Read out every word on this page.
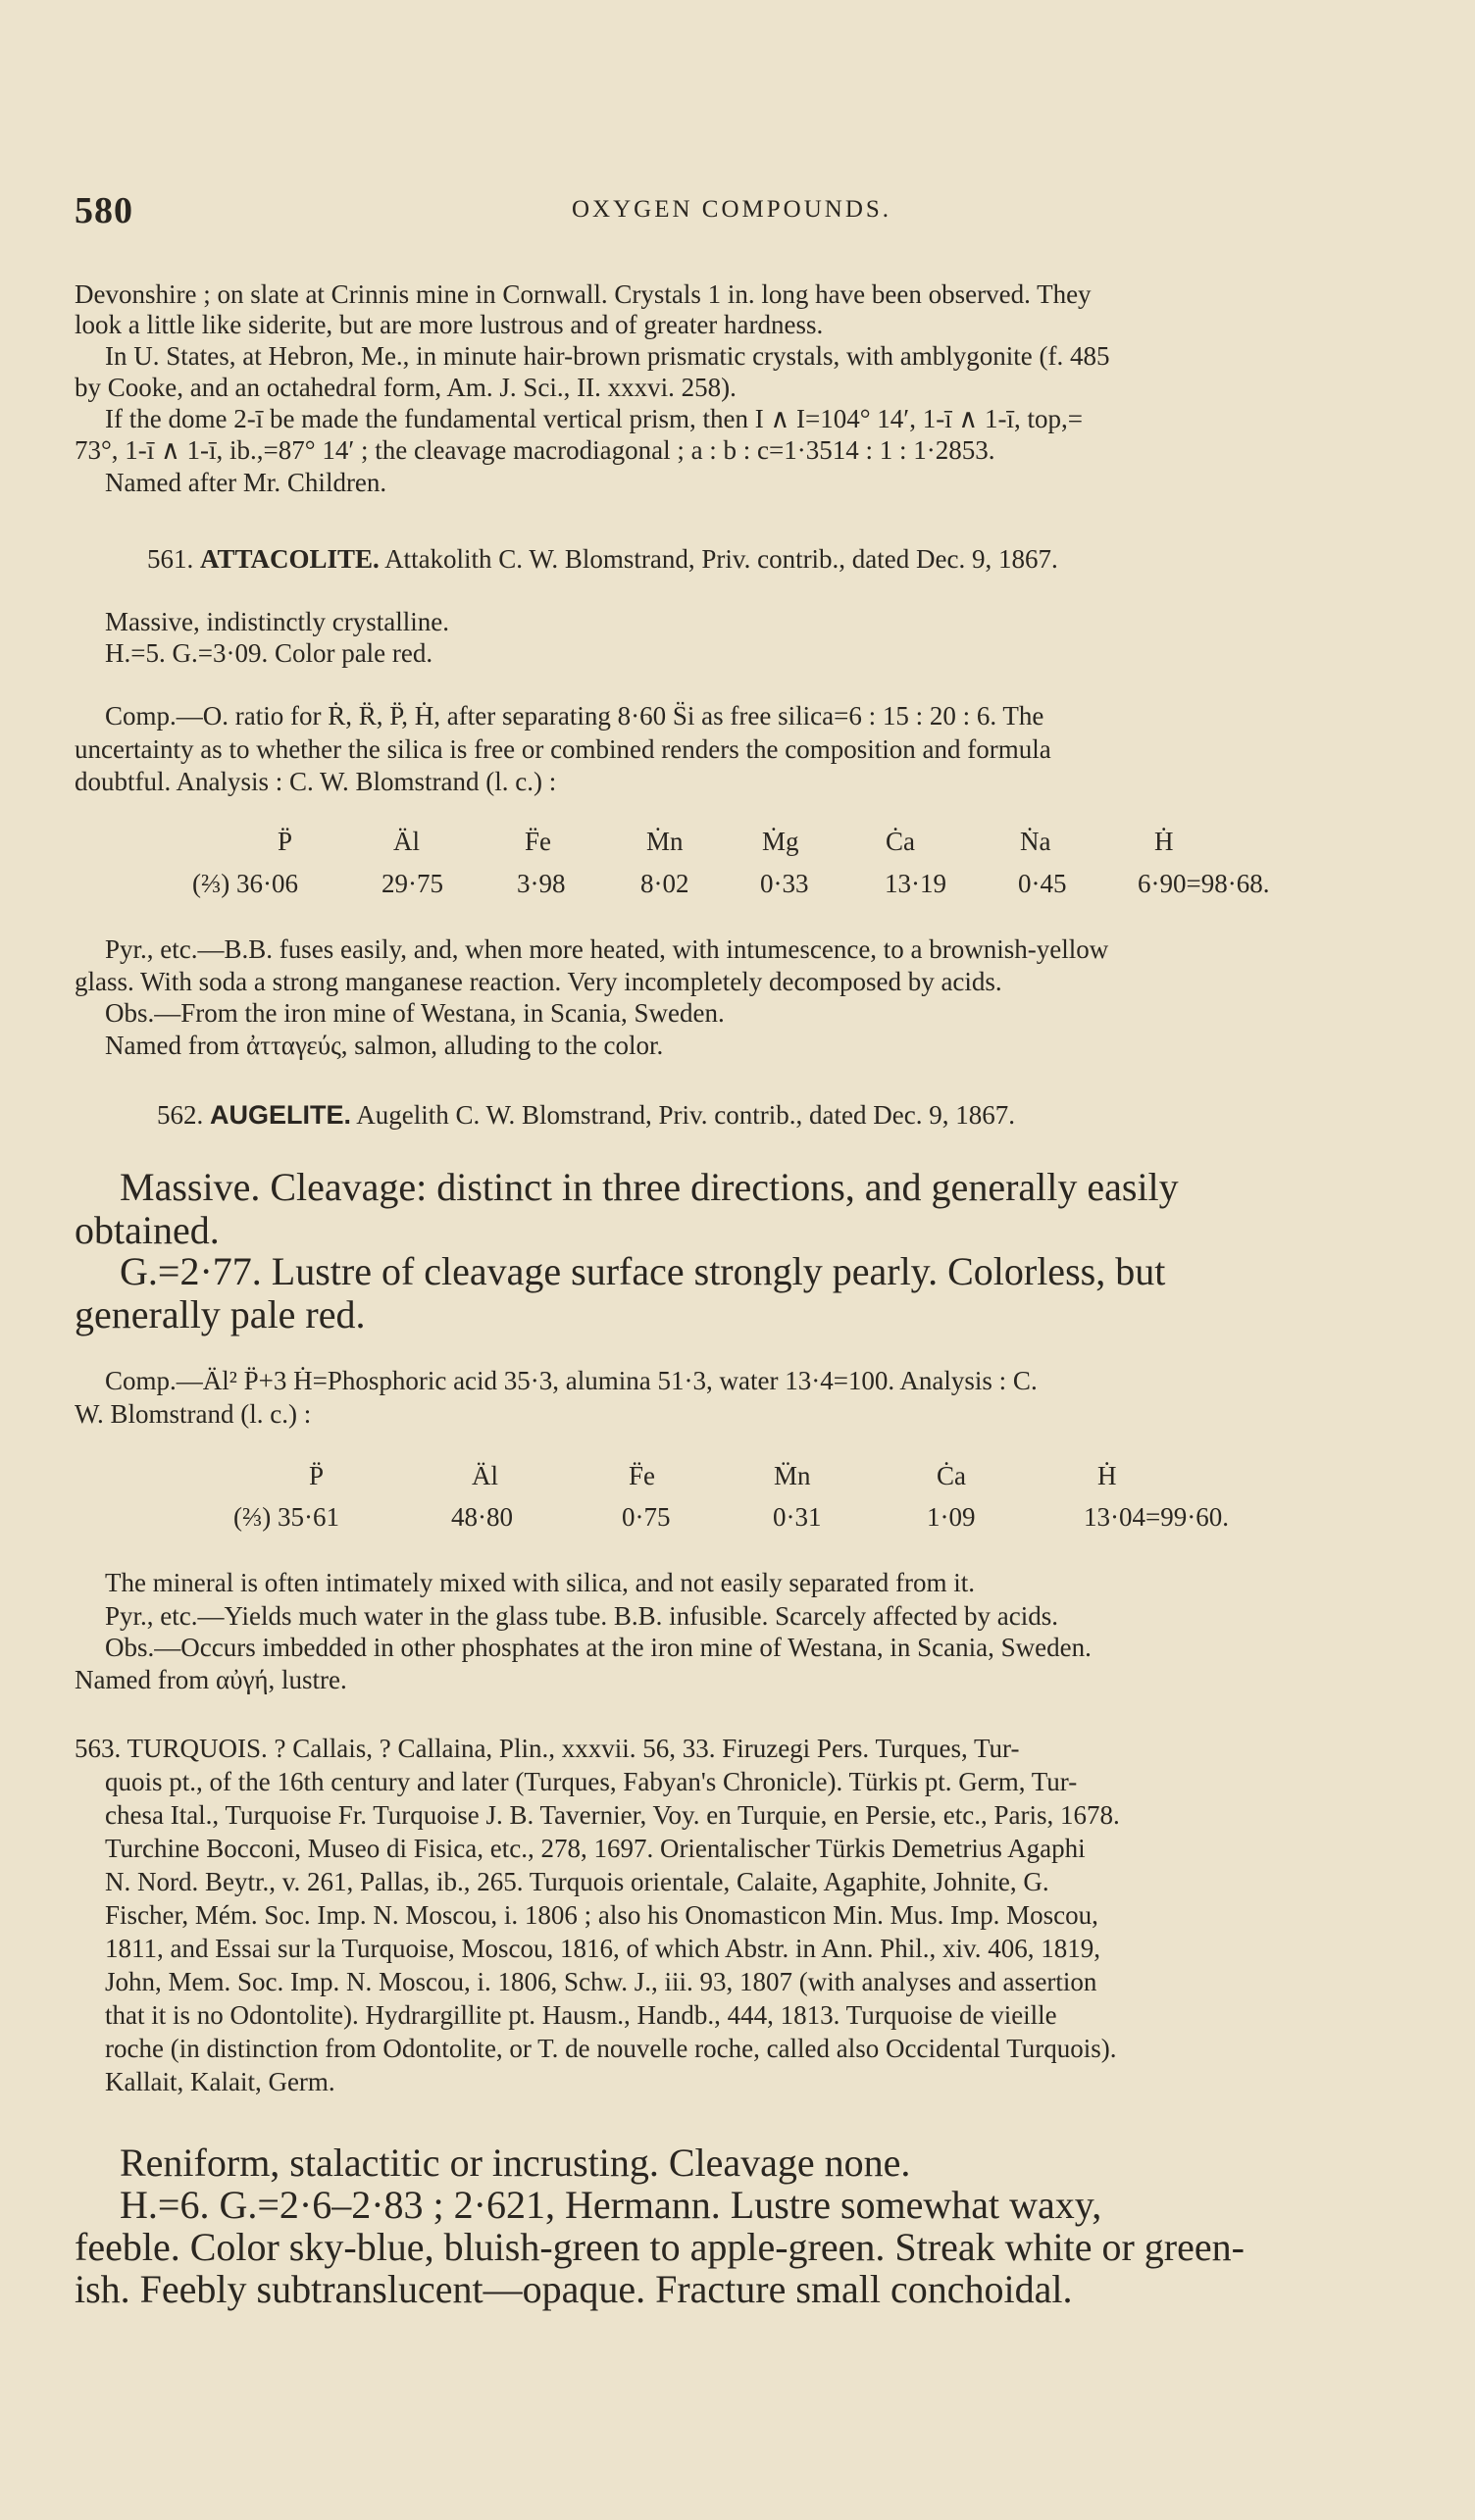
580	OXYGEN COMPOUNDS.
Devonshire ; on slate at Crinnis mine in Cornwall. Crystals 1 in. long have been observed. They
look a little like siderite, but are more lustrous and of greater hardness.
In U. States, at Hebron, Me., in minute hair-brown prismatic crystals, with amblygonite (f. 485
by Cooke, and an octahedral form, Am. J. Sci., II. xxxvi. 258).
If the dome 2-ī be made the fundamental vertical prism, then I ∧ I=104° 14′, 1-ī ∧ 1-ī, top,=
73°, 1-ī ∧ 1-ī, ib.,=87° 14′ ; the cleavage macrodiagonal ; a : b : c=1·3514 : 1 : 1·2853.
Named after Mr. Children.
561. ATTACOLITE. Attakolith C. W. Blomstrand, Priv. contrib., dated Dec. 9, 1867.
Massive, indistinctly crystalline.
H.=5. G.=3·09. Color pale red.
Comp.—O. ratio for Ṙ, R̈, P̈, Ḣ, after separating 8·60 S̈i as free silica=6 : 15 : 20 : 6. The
uncertainty as to whether the silica is free or combined renders the composition and formula
doubtful. Analysis : C. W. Blomstrand (l. c.) :
P̈	Äl	F̈e	Ṁn	Ṁg	Ċa	Ṅa	Ḣ
(⅔) 36·06	29·75	3·98	8·02	0·33	13·19	0·45	6·90=98·68.
Pyr., etc.—B.B. fuses easily, and, when more heated, with intumescence, to a brownish-yellow
glass. With soda a strong manganese reaction. Very incompletely decomposed by acids.
Obs.—From the iron mine of Westana, in Scania, Sweden.
Named from ἀτταγεύς, salmon, alluding to the color.
562. AUGELITE. Augelith C. W. Blomstrand, Priv. contrib., dated Dec. 9, 1867.
Massive. Cleavage: distinct in three directions, and generally easily
obtained.
G.=2·77. Lustre of cleavage surface strongly pearly. Colorless, but
generally pale red.
Comp.—Äl² P̈+3 Ḣ=Phosphoric acid 35·3, alumina 51·3, water 13·4=100. Analysis : C.
W. Blomstrand (l. c.) :
P̈	Äl	F̈e	M̈n	Ċa	Ḣ
(⅔) 35·61	48·80	0·75	0·31	1·09	13·04=99·60.
The mineral is often intimately mixed with silica, and not easily separated from it.
Pyr., etc.—Yields much water in the glass tube. B.B. infusible. Scarcely affected by acids.
Obs.—Occurs imbedded in other phosphates at the iron mine of Westana, in Scania, Sweden.
Named from αὐγή, lustre.
563. TURQUOIS. ? Callais, ? Callaina, Plin., xxxvii. 56, 33. Firuzegi Pers. Turques, Tur-
quois pt., of the 16th century and later (Turques, Fabyan's Chronicle). Türkis pt. Germ, Tur-
chesa Ital., Turquoise Fr. Turquoise J. B. Tavernier, Voy. en Turquie, en Persie, etc., Paris, 1678.
Turchine Bocconi, Museo di Fisica, etc., 278, 1697. Orientalischer Türkis Demetrius Agaphi
N. Nord. Beytr., v. 261, Pallas, ib., 265. Turquois orientale, Calaite, Agaphite, Johnite, G.
Fischer, Mém. Soc. Imp. N. Moscou, i. 1806 ; also his Onomasticon Min. Mus. Imp. Moscou,
1811, and Essai sur la Turquoise, Moscou, 1816, of which Abstr. in Ann. Phil., xiv. 406, 1819,
John, Mem. Soc. Imp. N. Moscou, i. 1806, Schw. J., iii. 93, 1807 (with analyses and assertion
that it is no Odontolite). Hydrargillite pt. Hausm., Handb., 444, 1813. Turquoise de vieille
roche (in distinction from Odontolite, or T. de nouvelle roche, called also Occidental Turquois).
Kallait, Kalait, Germ.
Reniform, stalactitic or incrusting. Cleavage none.
H.=6. G.=2·6–2·83 ; 2·621, Hermann. Lustre somewhat waxy,
feeble. Color sky-blue, bluish-green to apple-green. Streak white or green-
ish. Feebly subtranslucent—opaque. Fracture small conchoidal.
